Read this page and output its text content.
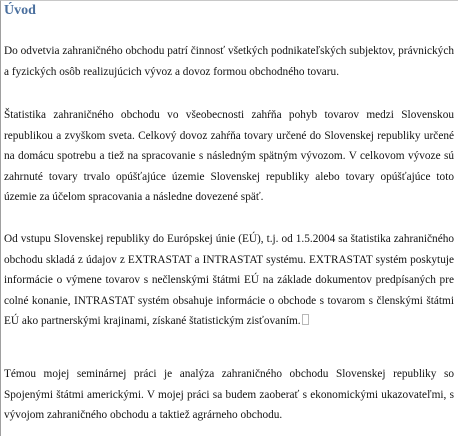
Úvod
Do odvetvia zahraničného obchodu patrí činnosť všetkých podnikateľských subjektov, právnických a fyzických osôb realizujúcich vývoz a dovoz formou obchodného tovaru.
Štatistika zahraničného obchodu vo všeobecnosti zahŕňa pohyb tovarov medzi Slovenskou republikou a zvyškom sveta. Celkový dovoz zahŕňa tovary určené do Slovenskej republiky určené na domácu spotrebu a tiež na spracovanie s následným spätným vývozom. V celkovom vývoze sú zahrnuté tovary trvalo opúšťajúce územie Slovenskej republiky alebo tovary opúšťajúce toto územie za účelom spracovania a následne dovezené späť.
Od vstupu Slovenskej republiky do Európskej únie (EÚ), t.j. od 1.5.2004 sa štatistika zahraničného obchodu skladá z údajov z EXTRASTAT a INTRASTAT systému. EXTRASTAT systém poskytuje informácie o výmene tovarov s nečlenskými štátmi EÚ na základe dokumentov predpísaných pre colné konanie, INTRASTAT systém obsahuje informácie o obchode s tovarom s členskými štátmi EÚ ako partnerskými krajinami, získané štatistickým zisťovaním.
Témou mojej seminárnej práci je analýza zahraničného obchodu Slovenskej republiky so Spojenými štátmi americkými. V mojej práci sa budem zaoberať s ekonomickými ukazovateľmi, s vývojom zahraničného obchodu a taktiež agrárneho obchodu.
